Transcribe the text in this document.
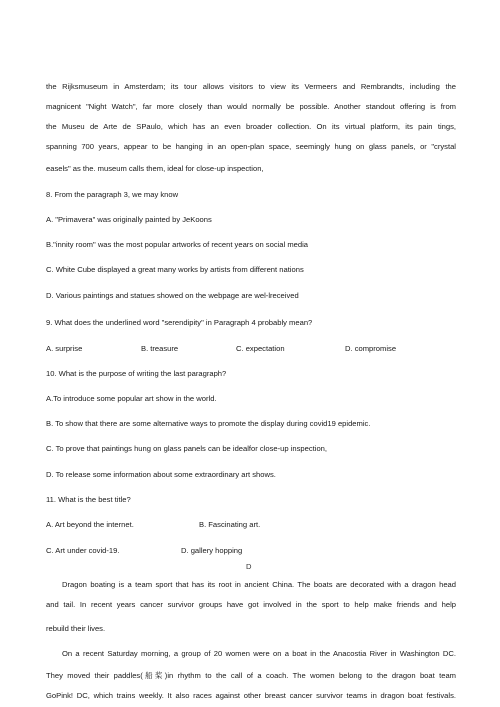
the Rijksmuseum in Amsterdam; its tour allows visitors to view its Vermeers and Rembrandts, including the
magnicent "Night Watch", far more closely than would normally be possible. Another standout offering is from
the Museu de Arte de SPaulo, which has an even broader collection. On its virtual platform, its pain tings,
spanning 700 years, appear to be hanging in an open-plan space, seemingly hung on glass panels, or "crystal
easels" as the. museum calls them, ideal for close-up inspection,
8. From the paragraph 3, we may know
A. "Primavera" was originally painted by JeKoons
B."innity room" was the most popular artworks of recent years on social media
C. White Cube displayed a great many works by artists from different nations
D. Various paintings and statues showed on the webpage are wel-lreceived
9. What does the underlined word "serendipity" in Paragraph 4 probably mean?
A. surprise	B. treasure	C. expectation	D. compromise
10. What is the purpose of writing the last paragraph?
A.To introduce some popular art show in the world.
B. To show that there are some alternative ways to promote the display during covid19 epidemic.
C. To prove that paintings hung on glass panels can be idealfor close-up inspection,
D. To release some information about some extraordinary art shows.
11. What is the best title?
A. Art beyond the internet.	B. Fascinating art.
C. Art under covid-19.	D. gallery hopping
D
Dragon boating is a team sport that has its root in ancient China. The boats are decorated with a dragon head
and tail. In recent years cancer survivor groups have got involved in the sport to help make friends and help
rebuild their lives.
On a recent Saturday morning, a group of 20 women were on a boat in the Anacostia River in Washington DC.
They moved their paddles(船桨)in rhythm to the call of a coach. The women belong to the dragon boat team
GoPink! DC, which trains weekly. It also races against other breast cancer survivor teams in dragon boat festivals.
